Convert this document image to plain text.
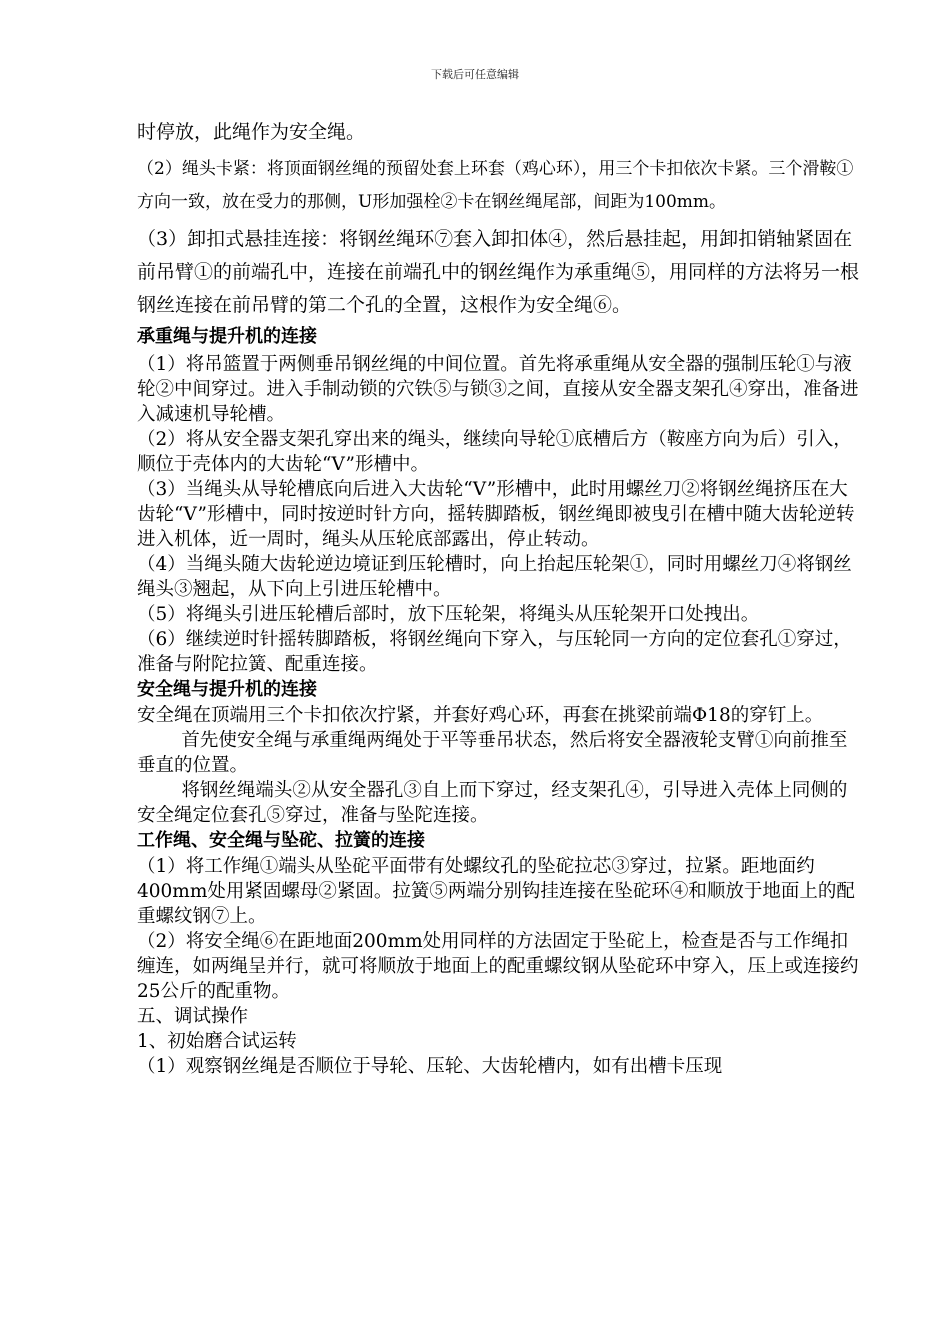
下载后可任意编辑

时停放，此绳作为安全绳。

（2）绳头卡紧：将顶面钢丝绳的预留处套上环套（鸡心环），用三个卡扣依次卡紧。三个滑鞍①方向一致，放在受力的那侧，U形加强栓②卡在钢丝绳尾部，间距为100mm。

（3）卸扣式悬挂连接：将钢丝绳环⑦套入卸扣体④，然后悬挂起，用卸扣销轴紧固在前吊臂①的前端孔中，连接在前端孔中的钢丝绳作为承重绳⑤，用同样的方法将另一根钢丝连接在前吊臂的第二个孔的全置，这根作为安全绳⑥。

承重绳与提升机的连接

（1）将吊篮置于两侧垂吊钢丝绳的中间位置。首先将承重绳从安全器的强制压轮①与液轮②中间穿过。进入手制动锁的穴铁⑤与锁③之间，直接从安全器支架孔④穿出，准备进入减速机导轮槽。

（2）将从安全器支架孔穿出来的绳头，继续向导轮①底槽后方（鞍座方向为后）引入，顺位于壳体内的大齿轮“V”形槽中。

（3）当绳头从导轮槽底向后进入大齿轮“V”形槽中，此时用螺丝刀②将钢丝绳挤压在大齿轮“V”形槽中，同时按逆时针方向，摇转脚踏板，钢丝绳即被曳引在槽中随大齿轮逆转进入机体，近一周时，绳头从压轮底部露出，停止转动。

（4）当绳头随大齿轮逆边境证到压轮槽时，向上抬起压轮架①，同时用螺丝刀④将钢丝绳头③翘起，从下向上引进压轮槽中。

（5）将绳头引进压轮槽后部时，放下压轮架，将绳头从压轮架开口处拽出。

（6）继续逆时针摇转脚踏板，将钢丝绳向下穿入，与压轮同一方向的定位套孔①穿过，准备与附陀拉簧、配重连接。

安全绳与提升机的连接

安全绳在顶端用三个卡扣依次拧紧，并套好鸡心环，再套在挑梁前端Φ18的穿钉上。

首先使安全绳与承重绳两绳处于平等垂吊状态，然后将安全器液轮支臂①向前推至垂直的位置。

将钢丝绳端头②从安全器孔③自上而下穿过，经支架孔④，引导进入壳体上同侧的安全绳定位套孔⑤穿过，准备与坠陀连接。

工作绳、安全绳与坠砣、拉簧的连接

（1）将工作绳①端头从坠砣平面带有处螺纹孔的坠砣拉芯③穿过，拉紧。距地面约400mm处用紧固螺母②紧固。拉簧⑤两端分别钩挂连接在坠砣环④和顺放于地面上的配重螺纹钢⑦上。

（2）将安全绳⑥在距地面200mm处用同样的方法固定于坠砣上，检查是否与工作绳扣缠连，如两绳呈并行，就可将顺放于地面上的配重螺纹钢从坠砣环中穿入，压上或连接约25公斤的配重物。

五、调试操作

1、初始磨合试运转

（1）观察钢丝绳是否顺位于导轮、压轮、大齿轮槽内，如有出槽卡压现
